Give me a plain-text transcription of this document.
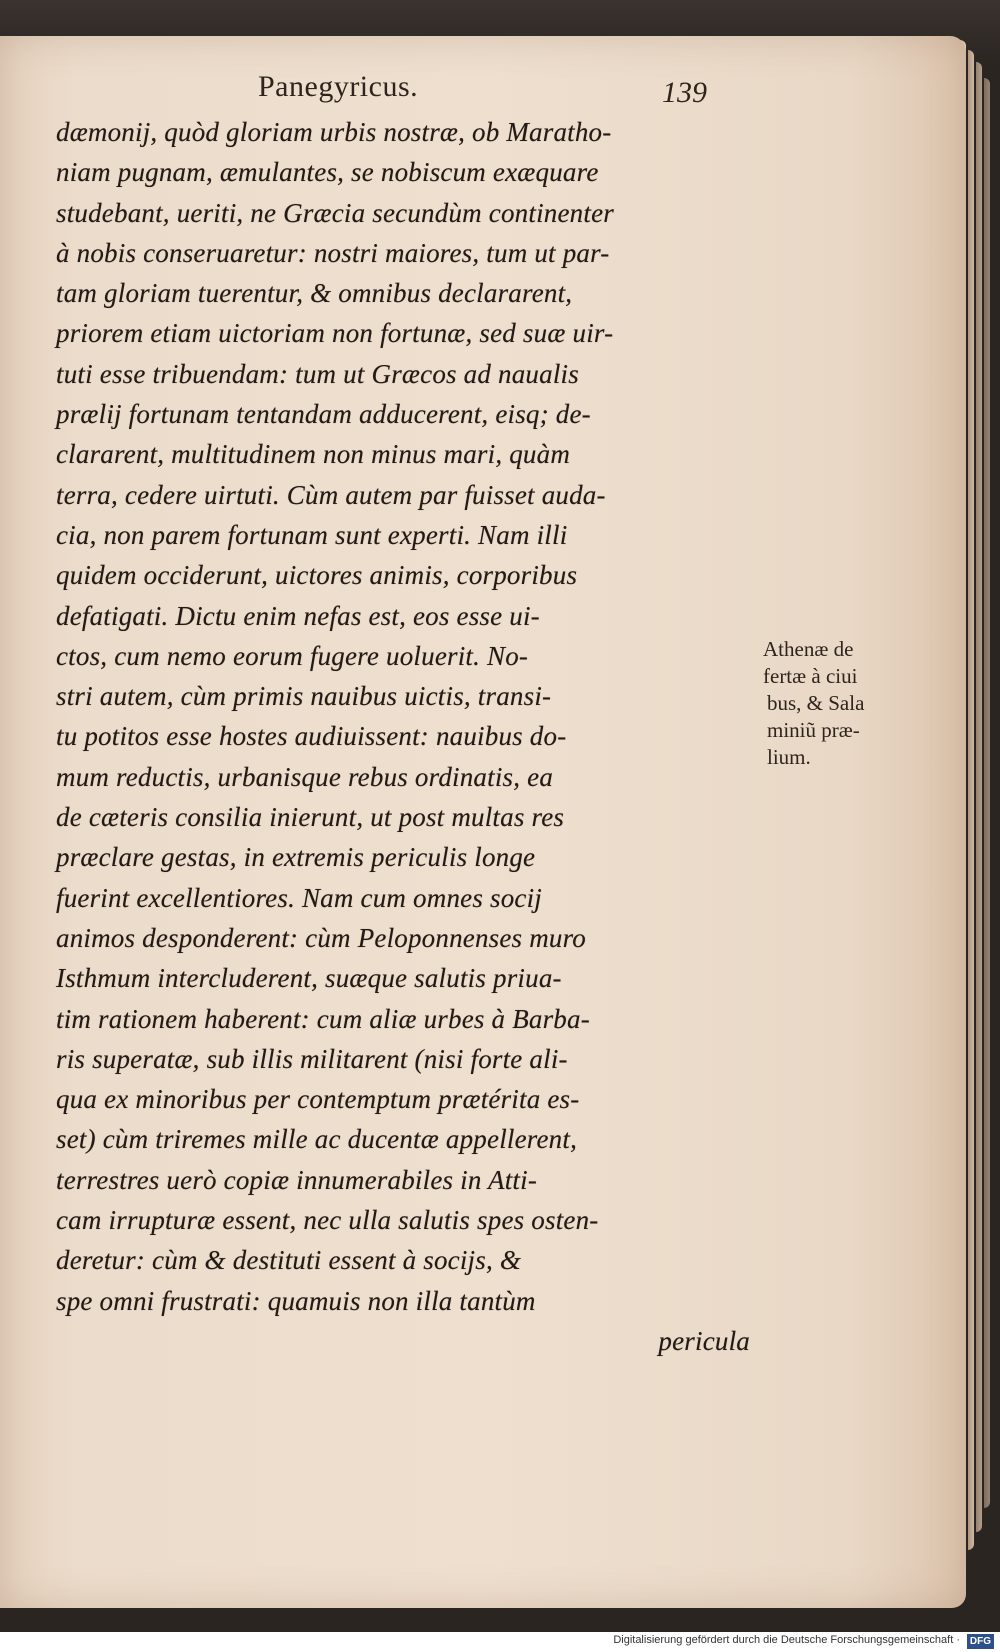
Panegyricus.	139
dæmonij, quòd gloriam urbis nostræ, ob Maratho-
niam pugnam, æmulantes, se nobiscum exæquare
studebant, ueriti, ne Græcia secundùm continenter
à nobis conseruaretur: nostri maiores, tum ut par-
tam gloriam tuerentur, & omnibus declararent,
priorem etiam uictoriam non fortunæ, sed suæ uir-
tuti esse tribuendam: tum ut Græcos ad naualis
prælij fortunam tentandam adducerent, eisq; de-
clararent, multitudinem non minus mari, quàm
terra, cedere uirtuti. Cùm autem par fuisset auda-
cia, non parem fortunam sunt experti. Nam illi
quidem occiderunt, uictores animis, corporibus
defatigati. Dictu enim nefas est, eos esse ui-
ctos, cum nemo eorum fugere uoluerit. No-
stri autem, cùm primis nauibus uictis, transi-
tu potitos esse hostes audiuissent: nauibus do-
mum reductis, urbanisque rebus ordinatis, ea
de cæteris consilia inierunt, ut post multas res
præclare gestas, in extremis periculis longe
fuerint excellentiores. Nam cum omnes socij
animos desponderent: cùm Peloponnenses muro
Isthmum intercluderent, suæque salutis priua-
tim rationem haberent: cum aliæ urbes à Barba-
ris superatæ, sub illis militarent (nisi forte ali-
qua ex minoribus per contemptum prætérita es-
set) cùm triremes mille ac ducentæ appellerent,
terrestres uerò copiæ innumerabiles in Atti-
cam irrupturæ essent, nec ulla salutis spes osten-
deretur: cùm & destituti essent à socijs, &
spe omni frustrati: quamuis non illa tantùm
pericula
Athenæ de
fertæ à ciui
bus, & Sala
miniũ præ-
lium.
Digitalisierung gefördert durch die Deutsche Forschungsgemeinschaft · DFG
